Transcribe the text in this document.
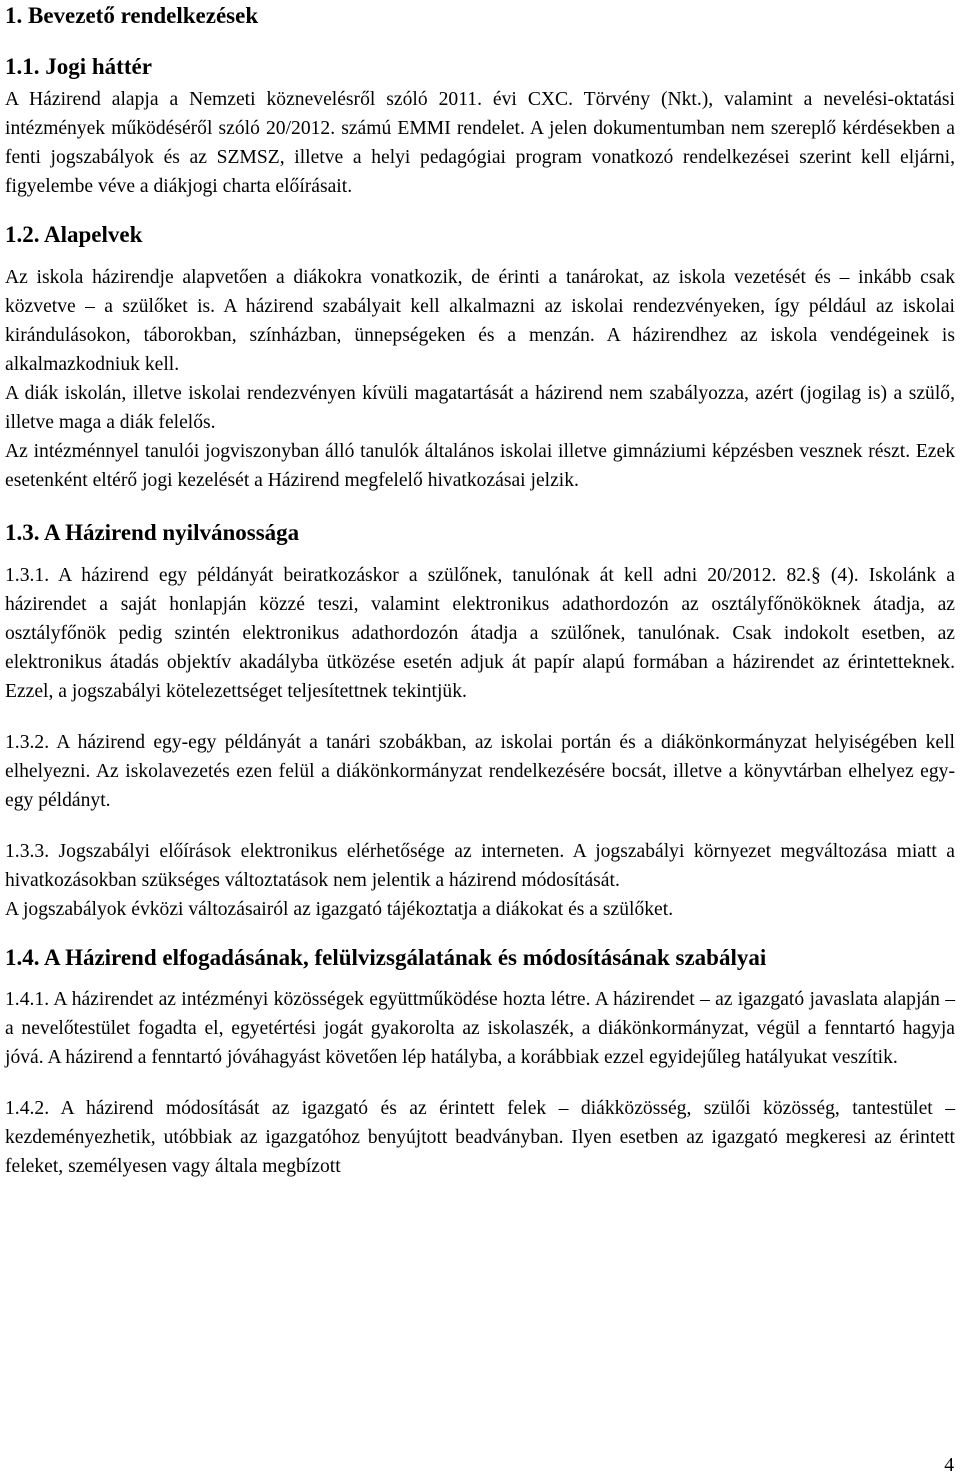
1. Bevezető rendelkezések
1.1. Jogi háttér

A Házirend alapja a Nemzeti köznevelésről szóló 2011. évi CXC. Törvény (Nkt.), valamint a nevelési-oktatási intézmények működéséről szóló 20/2012. számú EMMI rendelet. A jelen dokumentumban nem szereplő kérdésekben a fenti jogszabályok és az SZMSZ, illetve a helyi pedagógiai program vonatkozó rendelkezései szerint kell eljárni, figyelembe véve a diákjogi charta előírásait.

1.2. Alapelvek

Az iskola házirendje alapvetően a diákokra vonatkozik, de érinti a tanárokat, az iskola vezetését és – inkább csak közvetve – a szülőket is. A házirend szabályait kell alkalmazni az iskolai rendezvényeken, így például az iskolai kirándulásokon, táborokban, színházban, ünnepségeken és a menzán. A házirendhez az iskola vendégeinek is alkalmazkodniuk kell.

A diák iskolán, illetve iskolai rendezvényen kívüli magatartását a házirend nem szabályozza, azért (jogilag is) a szülő, illetve maga a diák felelős.

Az intézménnyel tanulói jogviszonyban álló tanulók általános iskolai illetve gimnáziumi képzésben vesznek részt. Ezek esetenként eltérő jogi kezelését a Házirend megfelelő hivatkozásai jelzik.

1.3. A Házirend nyilvánossága

1.3.1. A házirend egy példányát beiratkozáskor a szülőnek, tanulónak át kell adni 20/2012. 82.§ (4). Iskolánk a házirendet a saját honlapján közzé teszi, valamint elektronikus adathordozón az osztályfőnököknek átadja, az osztályfőnök pedig szintén elektronikus adathordozón átadja a szülőnek, tanulónak. Csak indokolt esetben, az elektronikus átadás objektív akadályba ütközése esetén adjuk át papír alapú formában a házirendet az érintetteknek. Ezzel, a jogszabályi kötelezettséget teljesítettnek tekintjük.

1.3.2. A házirend egy-egy példányát a tanári szobákban, az iskolai portán és a diákönkormányzat helyiségében kell elhelyezni. Az iskolavezetés ezen felül a diákönkormányzat rendelkezésére bocsát, illetve a könyvtárban elhelyez egy-egy példányt.

1.3.3. Jogszabályi előírások elektronikus elérhetősége az interneten. A jogszabályi környezet megváltozása miatt a hivatkozásokban szükséges változtatások nem jelentik a házirend módosítását.

A jogszabályok évközi változásairól az igazgató tájékoztatja a diákokat és a szülőket.

1.4. A Házirend elfogadásának, felülvizsgálatának és módosításának szabályai

1.4.1. A házirendet az intézményi közösségek együttműködése hozta létre. A házirendet – az igazgató javaslata alapján – a nevelőtestület fogadta el, egyetértési jogát gyakorolta az iskolaszék, a diákönkormányzat, végül a fenntartó hagyja jóvá. A házirend a fenntartó jóváhagyást követően lép hatályba, a korábbiak ezzel egyidejűleg hatályukat veszítik.

1.4.2. A házirend módosítását az igazgató és az érintett felek – diákközösség, szülői közösség, tantestület – kezdeményezhetik, utóbbiak az igazgatóhoz benyújtott beadványban. Ilyen esetben az igazgató megkeresi az érintett feleket, személyesen vagy általa megbízott

4
